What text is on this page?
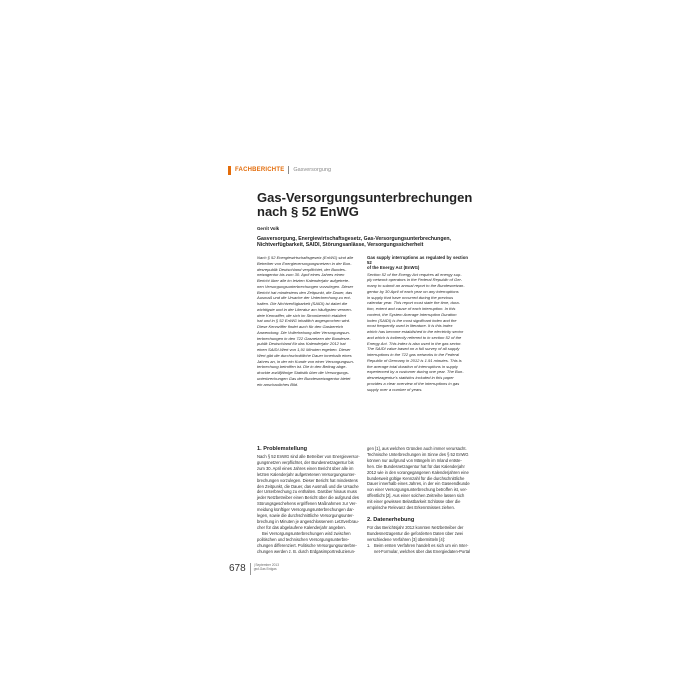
FACHBERICHTE Gasversorgung
Gas-Versorgungsunterbrechungen
nach § 52 EnWG
Gerrit Volk
Gasversorgung, Energiewirtschaftsgesetz, Gas-Versorgungsunterbrechungen, Nichtverfügbarkeit, SAIDI, Störungsanlässe, Versorgungssicherheit
Nach § 52 Energiewirtschaftsgesetz (EnWG) sind alle
Betreiber von Energieversorgungsnetzen in der Bun-
desrepublik Deutschland verpflichtet, der Bundes-
netzagentur bis zum 30. April eines Jahres einen
Bericht über alle im letzten Kalenderjahr aufgetrete-
nen Versorgungsunterbrechungen vorzulegen. Dieser
Bericht hat mindestens den Zeitpunkt, die Dauer, das
Ausmaß und die Ursache der Unterbrechung zu ent-
halten. Die Nichtverfügbarkeit (SAIDI) ist dabei die
wichtigste und in der Literatur am häufigsten verwen-
dete Kennziffer, die sich im Strombereich etabliert
hat und in § 52 EnWG inhaltlich angesprochen wird.
Diese Kennziffer findet auch für den Gasbereich
Anwendung. Die Vollerhebung aller Versorgungsun-
terbrechungen in den 722 Gasnetzen der Bundesre-
publik Deutschland für das Kalenderjahr 2012 hat
einen SAIDI-Wert von 1,91 Minuten ergeben. Dieser
Wert gibt die durchschnittliche Dauer innerhalb eines
Jahres an, in der ein Kunde von einer Versorgungsun-
terbrechung betroffen ist. Die in den Beitrag abge-
druckte zwölfjährige Statistik über die Versorgungs-
unterbrechungen Gas der Bundesnetzagentur bietet
ein anschauliches Bild.
Gas supply interruptions as regulated by section 52
of the Energy Act (EnWG)
Section 52 of the Energy Act requires all energy sup-
ply network operators in the Federal Republic of Ger-
many to submit an annual report to the Bundesnetzan-
gentur by 30 April of each year on any interruptions
in supply that have occurred during the previous
calendar year. This report must state the time, dura-
tion, extent and cause of each interruption. In this
context, the System Average Interruption Duration
Index (SAIDI) is the most significant index and the
most frequently used in literature. It is this index
which has become established in the electricity sector
and which is indirectly referred to in section 52 of the
Energy Act. This index is also used in the gas sector.
The SAIDI value based on a full survey of all supply
interruptions in the 722 gas networks in the Federal
Republic of Germany in 2012 is 1.91 minutes. This is
the average total duration of interruptions in supply
experienced by a customer during one year. The Bun-
desnetzagentur's statistics included in this paper
provides a clear overview of the interruptions in gas
supply over a number of years.
1. Problemstellung
Nach § 52 EnWG sind alle Betreiber von Energieversor-
gungsnetzen verpflichtet, der Bundesnetzagentur bis
zum 30. April eines Jahres einen Bericht über alle im
letzten Kalenderjahr aufgetretenen Versorgungsunter-
brechungen vorzulegen. Dieser Bericht hat mindestens
den Zeitpunkt, die Dauer, das Ausmaß und die Ursache
der Unterbrechung zu enthalten. Darüber hinaus muss
jeder Netzbetreiber einen Bericht über die aufgrund des
Störungsgeschehens ergriffenen Maßnahmen zur Ver-
meidung künftiger Versorgungsunterbrechungen dar-
legen, sowie die durchschnittliche Versorgungsunter-
brechung in Minuten je angeschlossenem Letztverbrau-
cher für das abgelaufene Kalenderjahr angeben.
Bei Versorgungsunterbrechungen wird zwischen
politischen und technischen Versorgungsunterbre-
chungen differenziert. Politische Versorgungsunterbre-
chungen werden z. B. durch Erdgasimportreduzierun-
gen [1], aus welchen Gründen auch immer verursacht.
Technische Unterbrechungen im Sinne des § 52 EnWG
können nur aufgrund von Mängeln im Inland entste-
hen. Die Bundesnetzagentur hat für das Kalenderjahr
2012 wie in den vorangegangenen Kalenderjahren eine
bundesweit gültige Kennzahl für die durchschnittliche
Dauer innerhalb eines Jahres, in der ein Gaseendkunde
von einer Versorgungsunterbrechung betroffen ist, ver-
öffentlicht [2]. Aus einer solchen Zeitreihe lassen sich
mit einer gewissen Belastbarkeit Schlüsse über die
empirische Relevanz des Erkenntnisses ziehen.
2. Datenerhebung
Für das Berichtsjahr 2012 konnten Netzbetreiber der
Bundesnetzagentur die geforderten Daten über zwei
verschiedene Verfahren [3] übermitteln [4]:
1. Beim ersten Verfahren handelt es sich um ein Inter-
net-Formular, welches über das Energiedaten-Portal
678	| September 2013
gwf-Gas Erdgas
